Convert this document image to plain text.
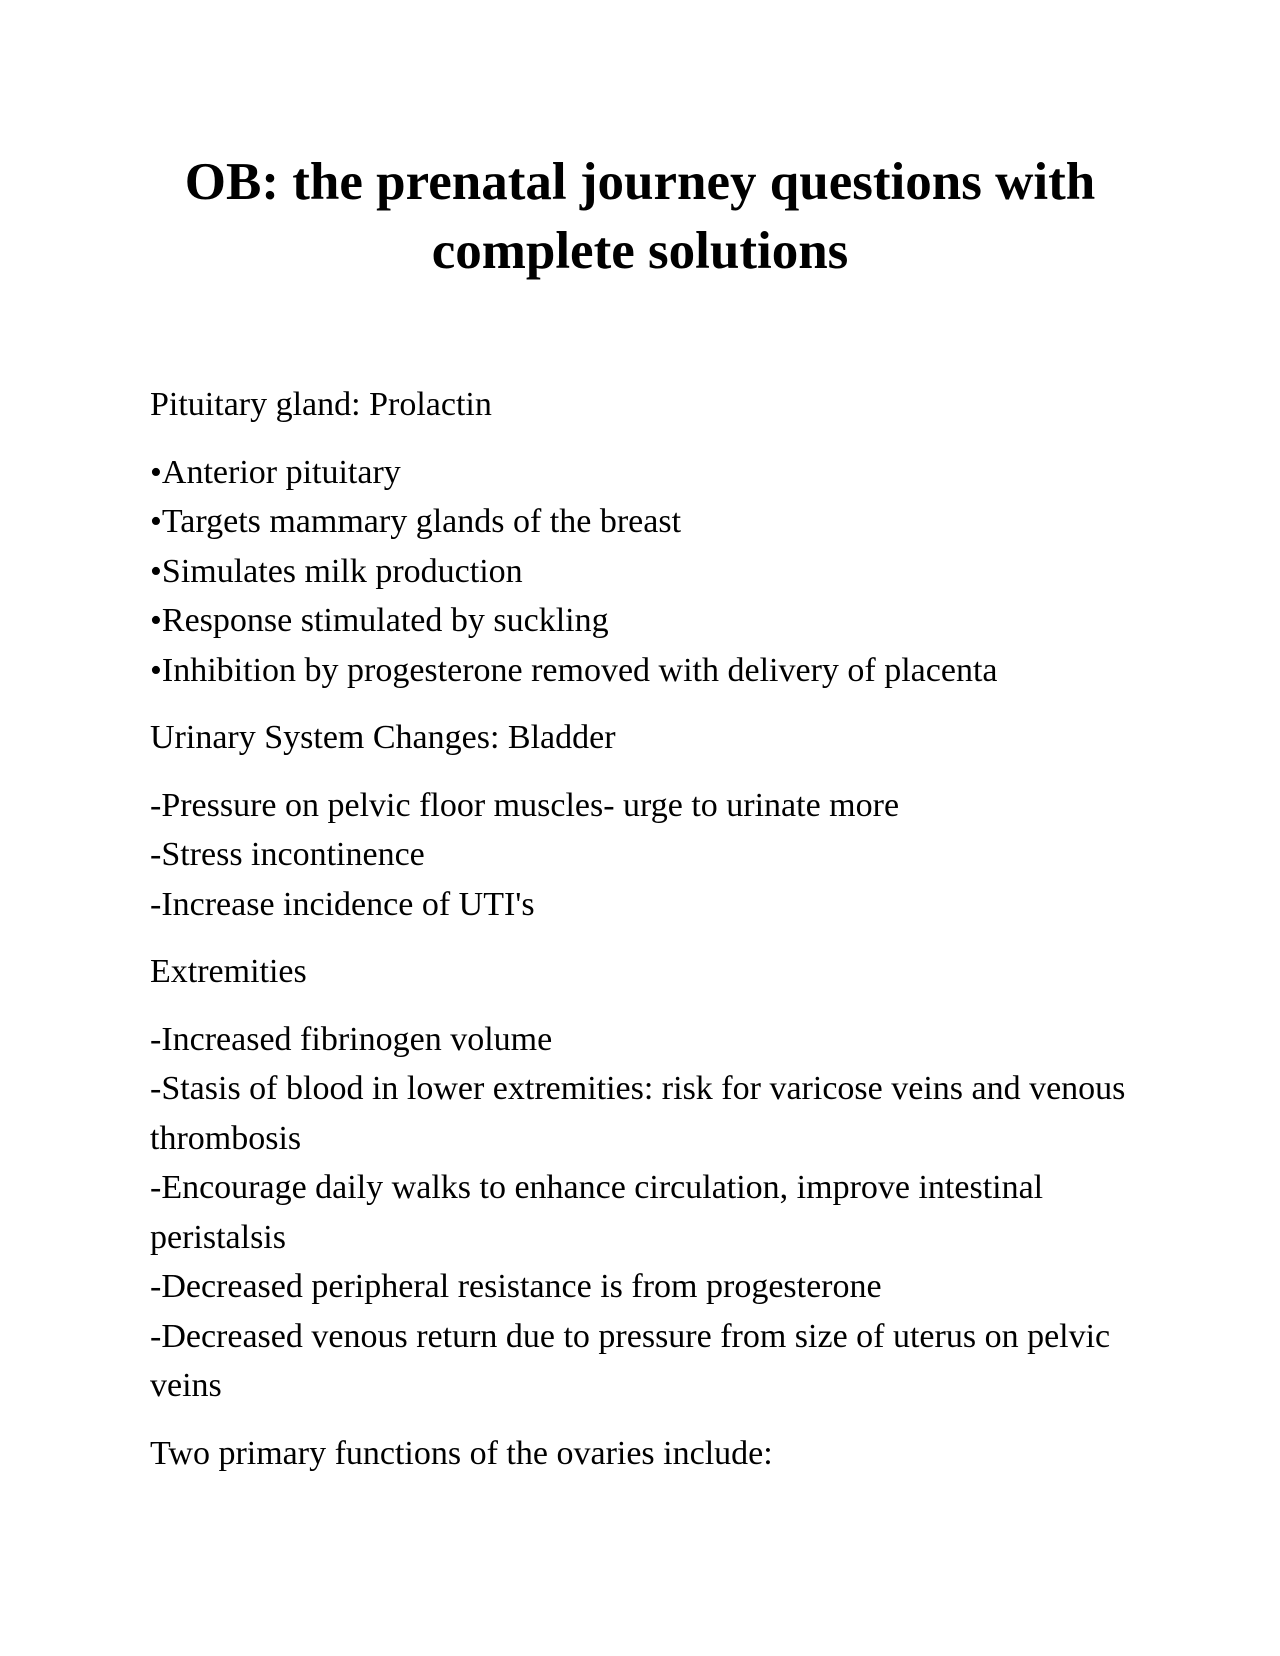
OB: the prenatal journey questions with
complete solutions

Pituitary gland: Prolactin

•Anterior pituitary
•Targets mammary glands of the breast
•Simulates milk production
•Response stimulated by suckling
•Inhibition by progesterone removed with delivery of placenta

Urinary System Changes: Bladder

-Pressure on pelvic floor muscles- urge to urinate more
-Stress incontinence
-Increase incidence of UTI's

Extremities

-Increased fibrinogen volume
-Stasis of blood in lower extremities: risk for varicose veins and venous thrombosis
-Encourage daily walks to enhance circulation, improve intestinal peristalsis
-Decreased peripheral resistance is from progesterone
-Decreased venous return due to pressure from size of uterus on pelvic veins

Two primary functions of the ovaries include:
